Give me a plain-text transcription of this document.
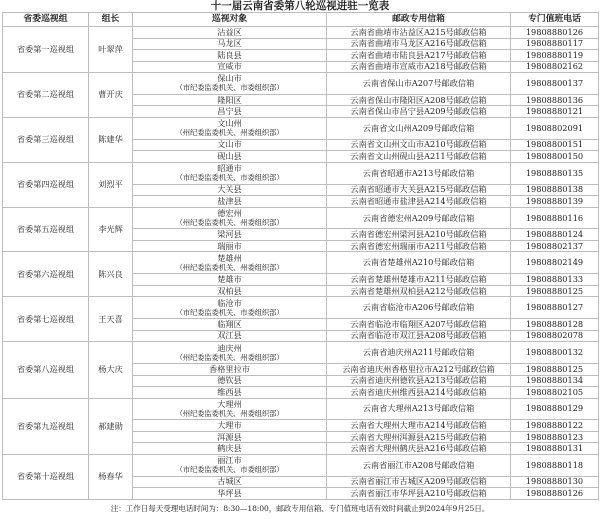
十一届云南省委第八轮巡视进驻一览表
省委巡视组	组长	巡视对象	邮政专用信箱	专门值班电话
省委第一巡视组	叶翠萍	沾益区	云南省曲靖市沾益区A215号邮政信箱	19808880126

		马龙区	云南省曲靖市马龙区A216号邮政信箱	19808880117

		陆良县	云南省曲靖市陆良县A217号邮政信箱	19808880119

		宣威市	云南省曲靖市宣威市A218号邮政信箱	19808802162
省委第二巡视组	曹开庆	保山市
（市纪委监委机关、市委组织部）	云南省保山市A207号邮政信箱	19808800137

		隆阳区	云南省保山市隆阳区A208号邮政信箱	19808880136

		昌宁县	云南省保山市昌宁县A209号邮政信箱	19808880121
省委第三巡视组	陈建华	文山州
（州纪委监委机关、州委组织部）	云南省文山州A209号邮政信箱	19808802091

		文山市	云南省文山州文山市A210号邮政信箱	19808800151

		砚山县	云南省文山州砚山县A211号邮政信箱	19808800150
省委第四巡视组	刘烈平	昭通市
（市纪委监委机关、市委组织部）	云南省昭通市A213号邮政信箱	19808880135

		大关县	云南省昭通市大关县A215号邮政信箱	19808880138

		盐津县	云南省昭通市盐津县A214号邮政信箱	19808880139
省委第五巡视组	李光辉	德宏州
（州纪委监委机关、州委组织部）	云南省德宏州A209号邮政信箱	19808880116

		梁河县	云南省德宏州梁河县A210号邮政信箱	19808880124

		瑞丽市	云南省德宏州瑞丽市A211号邮政信箱	19808802137
省委第六巡视组	陈兴良	楚雄州
（州纪委监委机关、州委组织部）	云南省楚雄州A210号邮政信箱	19808802149

		楚雄市	云南省楚雄州楚雄市A211号邮政信箱	19808880133

		双柏县	云南省楚雄州双柏县A212号邮政信箱	19808880125
省委第七巡视组	王天喜	临沧市
（市纪委监委机关、市委组织部）	云南省临沧市A206号邮政信箱	19808880127

		临翔区	云南省临沧市临翔区A207号邮政信箱	19808880128

		双江县	云南省临沧市双江县A208号邮政信箱	19808802078
省委第八巡视组	杨大庆	迪庆州
（州纪委监委机关、州委组织部）	云南省迪庆州A211号邮政信箱	19808800132

		香格里拉市	云南省迪庆州香格里拉市A212号邮政信箱	19808880125

		德钦县	云南省迪庆州德钦县A213号邮政信箱	19808880134

		维西县	云南省迪庆州维西县A214号邮政信箱	19808802105
省委第九巡视组	郝建勋	大理州
（州纪委监委机关、州委组织部）	云南省大理州A213号邮政信箱	19808880129

		大理市	云南省大理州大理市A214号邮政信箱	19808880122

		洱源县	云南省大理州洱源县A215号邮政信箱	19808880123

		鹤庆县	云南省大理州鹤庆县A216号邮政信箱	19808880131
省委第十巡视组	杨春华	丽江市
（市纪委监委机关、市委组织部）	云南省丽江市A208号邮政信箱	19808880118

		古城区	云南省丽江市古城区A209号邮政信箱	19808880130

		华坪县	云南省丽江市华坪县A210号邮政信箱	19808880126
注：工作日每天受理电话时间为：8:30—18:00，邮政专用信箱、专门值班电话有效时间截止到2024年9月25日。
